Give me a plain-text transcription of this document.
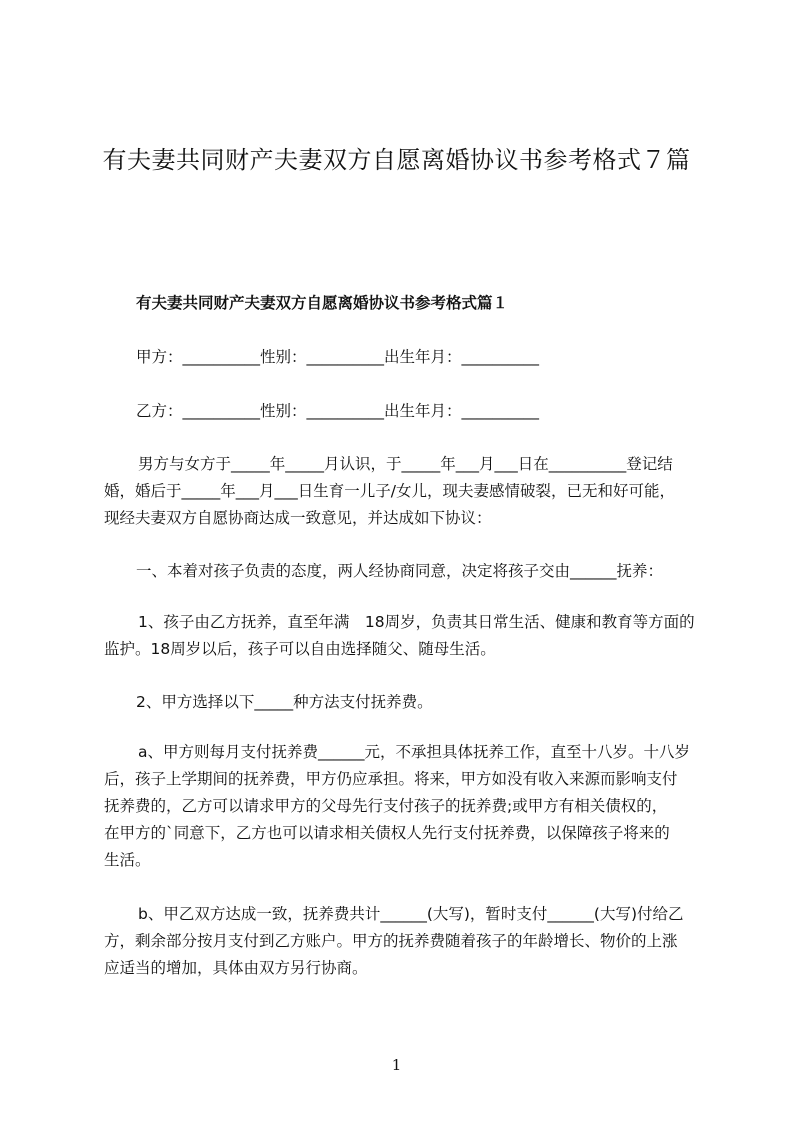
有夫妻共同财产夫妻双方自愿离婚协议书参考格式７篇
有夫妻共同财产夫妻双方自愿离婚协议书参考格式篇１

甲方：__________性别：__________出生年月：__________

乙方：__________性别：__________出生年月：__________

男方与女方于_____年_____月认识，于_____年___月___日在__________登记结

婚，婚后于_____年___月___日生育一儿子/女儿，现夫妻感情破裂，已无和好可能，

现经夫妻双方自愿协商达成一致意见，并达成如下协议：

一、本着对孩子负责的态度，两人经协商同意，决定将孩子交由______抚养：

1、孩子由乙方抚养，直至年满　18周岁，负责其日常生活、健康和教育等方面的

监护。18周岁以后，孩子可以自由选择随父、随母生活。

2、甲方选择以下_____种方法支付抚养费。

a、甲方则每月支付抚养费______元，不承担具体抚养工作，直至十八岁。十八岁

后，孩子上学期间的抚养费，甲方仍应承担。将来，甲方如没有收入来源而影响支付

抚养费的，乙方可以请求甲方的父母先行支付孩子的抚养费;或甲方有相关债权的，

在甲方的`同意下，乙方也可以请求相关债权人先行支付抚养费，以保障孩子将来的

生活。

b、甲乙双方达成一致，抚养费共计______(大写)，暂时支付______(大写)付给乙

方，剩余部分按月支付到乙方账户。甲方的抚养费随着孩子的年龄增长、物价的上涨

应适当的增加，具体由双方另行协商。

1
